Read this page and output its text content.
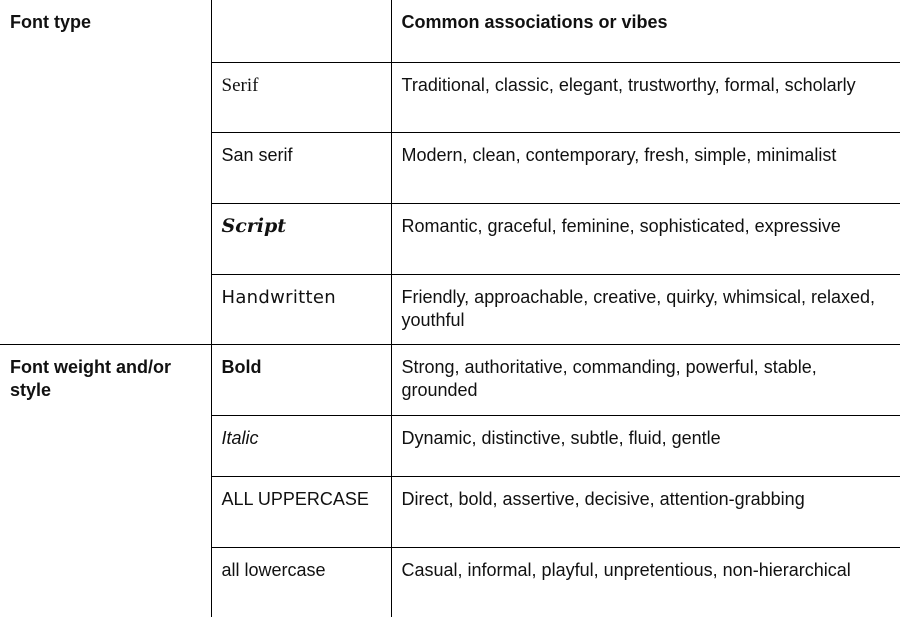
Font type		Common associations or vibes

	Serif	Traditional, classic, elegant, trustworthy, formal, scholarly

	San serif	Modern, clean, contemporary, fresh, simple, minimalist

	Script	Romantic, graceful, feminine, sophisticated, expressive

	Handwritten	Friendly, approachable, creative, quirky, whimsical, relaxed, youthful

Font weight and/or style	Bold	Strong, authoritative, commanding, powerful, stable, grounded

	Italic	Dynamic, distinctive, subtle, fluid, gentle

	ALL UPPERCASE	Direct, bold, assertive, decisive, attention-grabbing

	all lowercase	Casual, informal, playful, unpretentious, non-hierarchical
